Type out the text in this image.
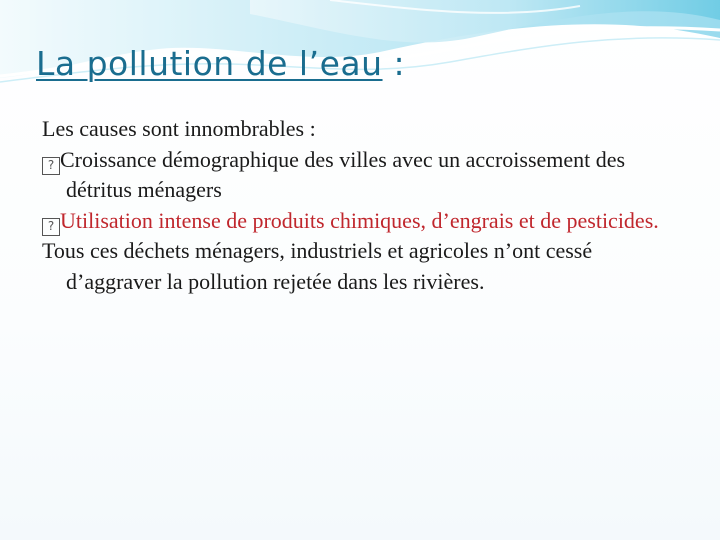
La pollution de l’eau :

Les causes sont innombrables :

? Croissance démographique des villes avec un accroissement des détritus ménagers

? Utilisation intense de produits chimiques, d’engrais et de pesticides.

Tous ces déchets ménagers, industriels et agricoles n’ont cessé d’aggraver la pollution rejetée dans les rivières.
